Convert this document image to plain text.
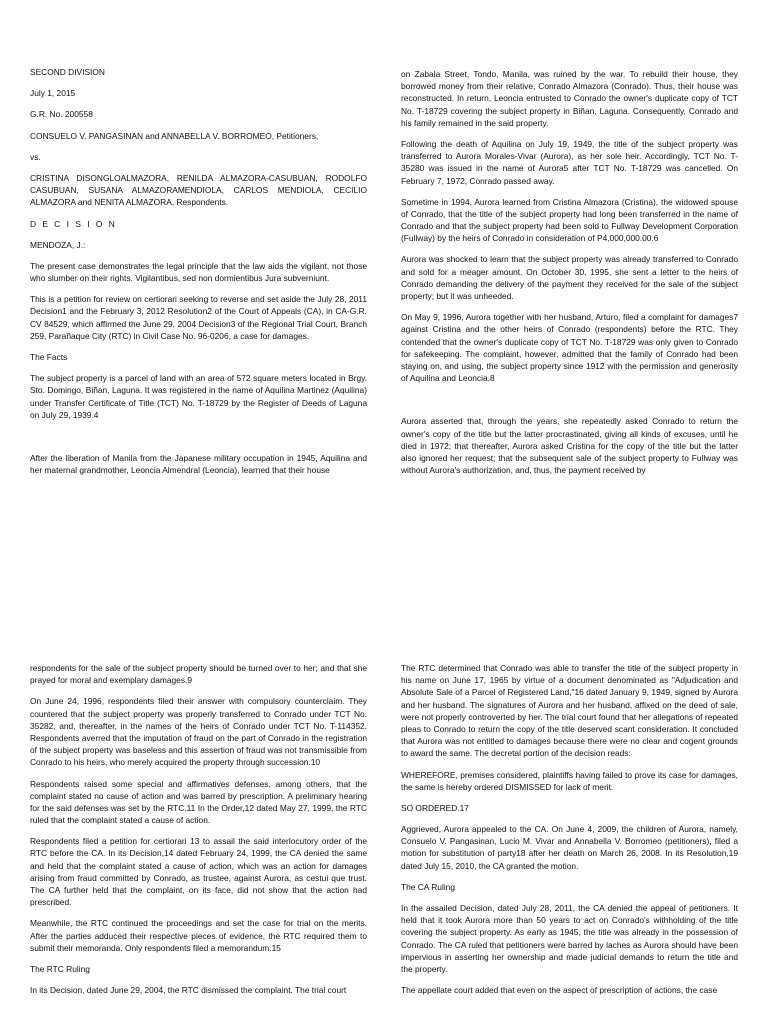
SECOND DIVISION

July 1, 2015

G.R. No. 200558

CONSUELO V. PANGASINAN and ANNABELLA V. BORROMEO, Petitioners,

vs.

CRISTINA DISONGLOALMAZORA, RENILDA ALMAZORA-CASUBUAN, RODOLFO CASUBUAN, SUSANA ALMAZORAMENDIOLA, CARLOS MENDIOLA, CECILIO ALMAZORA and NENITA ALMAZORA, Respondents.

D E C I S I O N

MENDOZA, J.:

The present case demonstrates the legal principle that the law aids the vigilant, not those who slumber on their rights. Vigilantibus, sed non dormientibus Jura subverniunt.

This is a petition for review on certiorari seeking to reverse and set aside the July 28, 2011 Decision1 and the February 3, 2012 Resolution2 of the Court of Appeals (CA), in CA-G.R. CV 84529, which affirmed the June 29, 2004 Decision3 of the Regional Trial Court, Branch 259, Parañaque City (RTC) in Civil Case No. 96-0206, a case for damages.

The Facts

The subject property is a parcel of land with an area of 572 square meters located in Brgy. Sto. Domingo, Biñan, Laguna. It was registered in the name of Aquilina Martinez (Aquilina) under Transfer Certificate of Title (TCT) No. T-18729 by the Register of Deeds of Laguna on July 29, 1939.4

After the liberation of Manila from the Japanese military occupation in 1945, Aquilina and her maternal grandmother, Leoncia Almendral (Leoncia), learned that their house

on Zabala Street, Tondo, Manila, was ruined by the war. To rebuild their house, they borrowed money from their relative, Conrado Almazora (Conrado). Thus, their house was reconstructed. In return, Leoncia entrusted to Conrado the owner's duplicate copy of TCT No. T-18729 covering the subject property in Biñan, Laguna. Consequently, Conrado and his family remained in the said property.

Following the death of Aquilina on July 19, 1949, the title of the subject property was transferred to Aurora Morales-Vivar (Aurora), as her sole heir. Accordingly, TCT No. T-35280 was issued in the name of Aurora5 after TCT No. T-18729 was cancelled. On February 7, 1972, Conrado passed away.

Sometime in 1994, Aurora learned from Cristina Almazora (Cristina), the widowed spouse of Conrado, that the title of the subject property had long been transferred in the name of Conrado and that the subject property had been sold to Fullway Development Corporation (Fullway) by the heirs of Conrado in consideration of P4,000,000.00.6

Aurora was shocked to learn that the subject property was already transferred to Conrado and sold for a meager amount. On October 30, 1995, she sent a letter to the heirs of Conrado demanding the delivery of the payment they received for the sale of the subject property; but it was unheeded.

On May 9, 1996, Aurora together with her husband, Arturo, filed a complaint for damages7 against Cristina and the other heirs of Conrado (respondents) before the RTC. They contended that the owner's duplicate copy of TCT No. T-18729 was only given to Conrado for safekeeping. The complaint, however, admitted that the family of Conrado had been staying on, and using, the subject property since 1912 with the permission and generosity of Aquilina and Leoncia.8

Aurora asserted that, through the years, she repeatedly asked Conrado to return the owner's copy of the title but the latter procrastinated, giving all kinds of excuses, until he died in 1972; that thereafter, Aurora asked Cristina for the copy of the title but the latter also ignored her request; that the subsequent sale of the subject property to Fullway was without Aurora's authorization, and, thus, the payment received by

respondents for the sale of the subject property should be turned over to her; and that she prayed for moral and exemplary damages.9

On June 24, 1996, respondents filed their answer with compulsory counterclaim. They countered that the subject property was properly transferred to Conrado under TCT No. 35282, and, thereafter, in the names of the heirs of Conrado under TCT No. T-114352. Respondents averred that the imputation of fraud on the part of Conrado in the registration of the subject property was baseless and this assertion of fraud was not transmissible from Conrado to his heirs, who merely acquired the property through succession.10

Respondents raised some special and affirmatives defenses, among others, that the complaint stated no cause of action and was barred by prescription. A preliminary hearing for the said defenses was set by the RTC.11 In the Order,12 dated May 27, 1999, the RTC ruled that the complaint stated a cause of action.

Respondents filed a petition for certiorari 13 to assail the said interlocutory order of the RTC before the CA. In its Decision,14 dated February 24, 1999, the CA denied the same and held that the complaint stated a cause of action, which was an action for damages arising from fraud committed by Conrado, as trustee, against Aurora, as cestui que trust. The CA further held that the complaint, on its face, did not show that the action had prescribed.

Meanwhile, the RTC continued the proceedings and set the case for trial on the merits. After the parties adduced their respective pieces of evidence, the RTC required them to submit their memoranda. Only respondents filed a memorandum.15

The RTC Ruling

In its Decision, dated June 29, 2004, the RTC dismissed the complaint. The trial court

The RTC determined that Conrado was able to transfer the title of the subject property in his name on June 17, 1965 by virtue of a document denominated as "Adjudication and Absolute Sale of a Parcel of Registered Land,"16 dated January 9, 1949, signed by Aurora and her husband. The signatures of Aurora and her husband, affixed on the deed of sale, were not properly controverted by her. The trial court found that her allegations of repeated pleas to Conrado to return the copy of the title deserved scant consideration. It concluded that Aurora was not entitled to damages because there were no clear and cogent grounds to award the same. The decretal portion of the decision reads:

WHEREFORE, premises considered, plaintiffs having failed to prove its case for damages, the same is hereby ordered DISMISSED for lack of merit.

SO ORDERED.17

Aggrieved, Aurora appealed to the CA. On June 4, 2009, the children of Aurora, namely, Consuelo V. Pangasinan, Lucio M. Vivar and Annabella V. Borromeo (petitioners), filed a motion for substitution of party18 after her death on March 26, 2008. In its Resolution,19 dated July 15, 2010, the CA granted the motion.

The CA Ruling

In the assailed Decision, dated July 28, 2011, the CA denied the appeal of petitioners. It held that it took Aurora more than 50 years to act on Conrado's withholding of the title covering the subject property. As early as 1945, the title was already in the possession of Conrado. The CA ruled that petitioners were barred by laches as Aurora should have been impervious in asserting her ownership and made judicial demands to return the title and the property.

The appellate court added that even on the aspect of prescription of actions, the case
